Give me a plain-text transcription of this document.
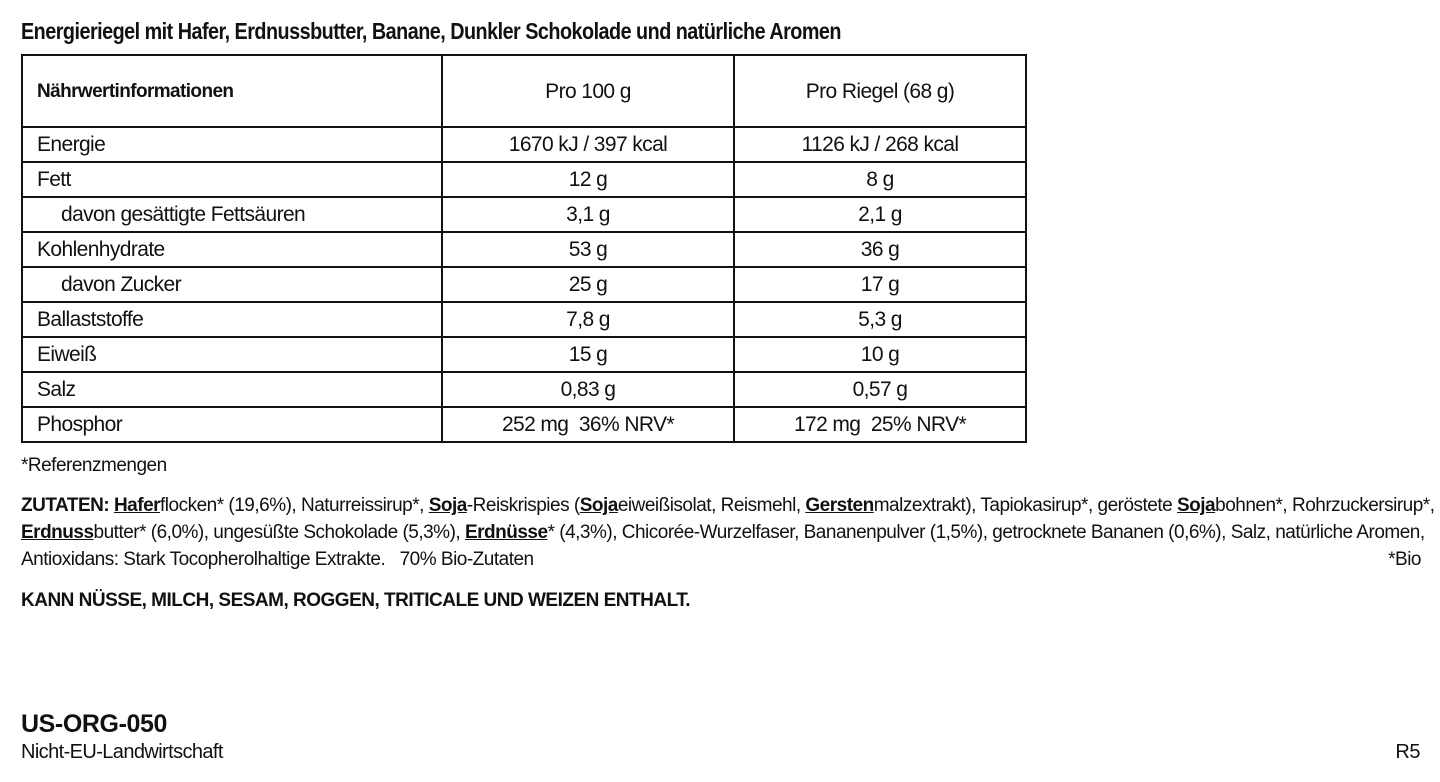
Energieriegel mit Hafer, Erdnussbutter, Banane, Dunkler Schokolade und natürliche Aromen
Nährwertinformationen	Pro 100 g	Pro Riegel (68 g)
Energie	1670 kJ / 397 kcal	1126 kJ / 268 kcal
Fett	12 g	8 g
davon gesättigte Fettsäuren	3,1 g	2,1 g
Kohlenhydrate	53 g	36 g
davon Zucker	25 g	17 g
Ballaststoffe	7,8 g	5,3 g
Eiweiß	15 g	10 g
Salz	0,83 g	0,57 g
Phosphor	252 mg  36% NRV*	172 mg  25% NRV*
*Referenzmengen
ZUTATEN: Haferflocken* (19,6%), Naturreissirup*, Soja-Reiskrispies (Sojaeiweißisolat, Reismehl, Gerstenmalzextrakt), Tapiokasirup*, geröstete Sojabohnen*, Rohrzuckersirup*,
Erdnussbutter* (6,0%), ungesüßte Schokolade (5,3%), Erdnüsse* (4,3%), Chicorée-Wurzelfaser, Bananenpulver (1,5%), getrocknete Bananen (0,6%), Salz, natürliche Aromen,
Antioxidans: Stark Tocopherolhaltige Extrakte.   70% Bio-Zutaten	*Bio
KANN NÜSSE, MILCH, SESAM, ROGGEN, TRITICALE UND WEIZEN ENTHALT.
US-ORG-050
Nicht-EU-Landwirtschaft	R5
